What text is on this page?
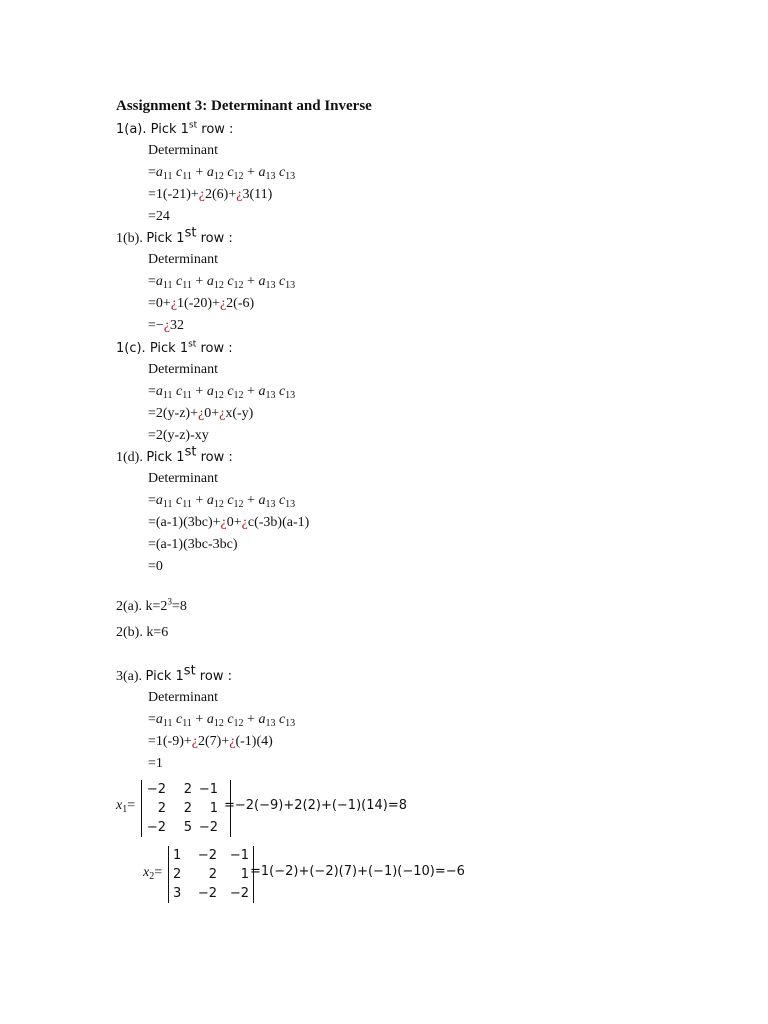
Assignment 3: Determinant and Inverse
1(a). Pick 1st row :
Determinant
$=a_{11}$ $c_{11} + a_{12}$ $c_{12} + a_{13}$ $c_{13}$
=1(-21)+¿2(6)+¿3(11)
=24
1(b). Pick 1st row :
Determinant
$=a_{11}$ $c_{11} + a_{12}$ $c_{12} + a_{13}$ $c_{13}$
=0+¿1(-20)+¿2(-6)
=−¿32
1(c). Pick 1st row :
Determinant
$=a_{11}$ $c_{11} + a_{12}$ $c_{12} + a_{13}$ $c_{13}$
=2(y-z)+¿0+¿x(-y)
=2(y-z)-xy
1(d). Pick 1st row :
Determinant
$=a_{11}$ $c_{11} + a_{12}$ $c_{12} + a_{13}$ $c_{13}$
=(a-1)(3bc)+¿0+¿c(-3b)(a-1)
=(a-1)(3bc-3bc)
=0
2(a). $k=2^3=8$
2(b). k=6
3(a). Pick 1st row :
Determinant
$=a_{11}$ $c_{11} + a_{12}$ $c_{12} + a_{13}$ $c_{13}$
=1(-9)+¿2(7)+¿(-1)(4)
=1
$x_1=$
−2	2 −1
2	2	1
−2	5 −2
=−2(−9)+2(2)+(−1)(14)=8
$x_2=$
1	−2 −1
2	2	1
3	−2 −2
=1(−2)+(−2)(7)+(−1)(−10)=−6
